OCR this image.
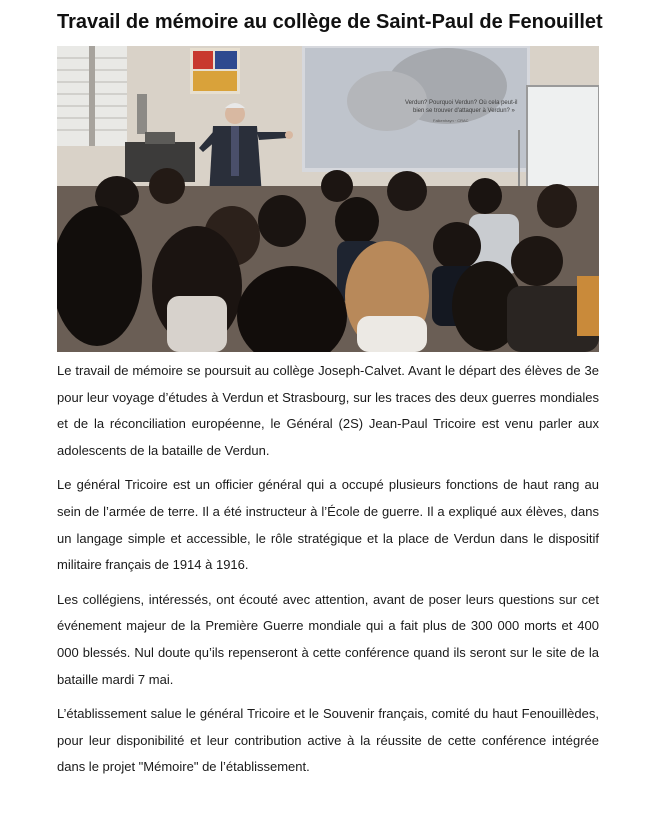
Travail de mémoire au collège de Saint-Paul de Fenouillet
Verdun? Pourquoi Verdun? Où cela peut-il
bien se trouver d'attaquer à Verdun? »
Falkenhayn · CRAC

Le travail de mémoire se poursuit au collège Joseph-Calvet. Avant le départ des élèves de 3e pour leur voyage d’études à Verdun et Strasbourg, sur les traces des deux guerres mondiales et de la réconciliation européenne, le Général (2S) Jean-Paul Tricoire est venu parler aux adolescents de la bataille de Verdun.

Le général Tricoire est un officier général qui a occupé plusieurs fonctions de haut rang au sein de l’armée de terre. Il a été instructeur à l’École de guerre. Il a expliqué aux élèves, dans un langage simple et accessible, le rôle stratégique et la place de Verdun dans le dispositif militaire français de 1914 à 1916.

Les collégiens, intéressés, ont écouté avec attention, avant de poser leurs questions sur cet événement majeur de la Première Guerre mondiale qui a fait plus de 300 000 morts et 400 000 blessés. Nul doute qu’ils repenseront à cette conférence quand ils seront sur le site de la bataille mardi 7 mai.

L’établissement salue le général Tricoire et le Souvenir français, comité du haut Fenouillèdes, pour leur disponibilité et leur contribution active à la réussite de cette conférence intégrée dans le projet "Mémoire" de l’établissement.
